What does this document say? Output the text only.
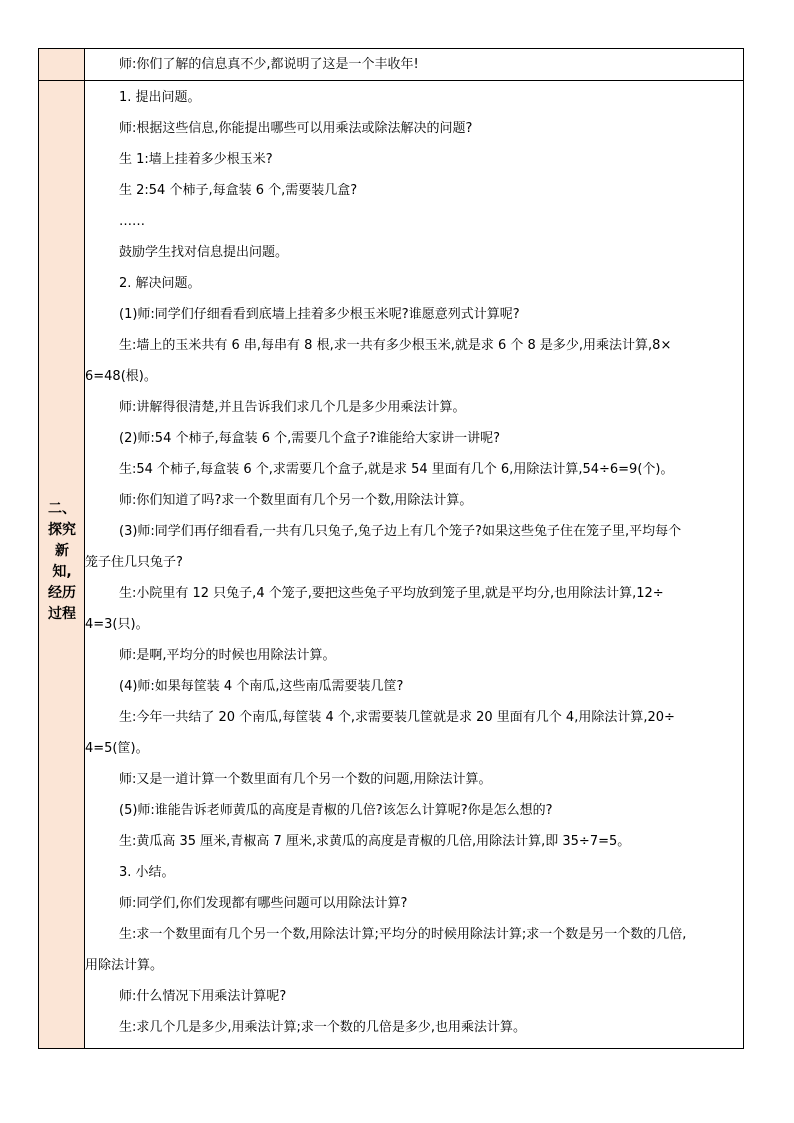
师:你们了解的信息真不少,都说明了这是一个丰收年!
二、
探究
新
知,
经历
过程

1. 提出问题。

师:根据这些信息,你能提出哪些可以用乘法或除法解决的问题?

生 1:墙上挂着多少根玉米?

生 2:54 个柿子,每盒装 6 个,需要装几盒?

……

鼓励学生找对信息提出问题。

2. 解决问题。

(1)师:同学们仔细看看到底墙上挂着多少根玉米呢?谁愿意列式计算呢?

生:墙上的玉米共有 6 串,每串有 8 根,求一共有多少根玉米,就是求 6 个 8 是多少,用乘法计算,8×
6=48(根)。

师:讲解得很清楚,并且告诉我们求几个几是多少用乘法计算。

(2)师:54 个柿子,每盒装 6 个,需要几个盒子?谁能给大家讲一讲呢?

生:54 个柿子,每盒装 6 个,求需要几个盒子,就是求 54 里面有几个 6,用除法计算,54÷6=9(个)。

师:你们知道了吗?求一个数里面有几个另一个数,用除法计算。

(3)师:同学们再仔细看看,一共有几只兔子,兔子边上有几个笼子?如果这些兔子住在笼子里,平均每个
笼子住几只兔子?

生:小院里有 12 只兔子,4 个笼子,要把这些兔子平均放到笼子里,就是平均分,也用除法计算,12÷
4=3(只)。

师:是啊,平均分的时候也用除法计算。

(4)师:如果每筐装 4 个南瓜,这些南瓜需要装几筐?

生:今年一共结了 20 个南瓜,每筐装 4 个,求需要装几筐就是求 20 里面有几个 4,用除法计算,20÷
4=5(筐)。

师:又是一道计算一个数里面有几个另一个数的问题,用除法计算。

(5)师:谁能告诉老师黄瓜的高度是青椒的几倍?该怎么计算呢?你是怎么想的?

生:黄瓜高 35 厘米,青椒高 7 厘米,求黄瓜的高度是青椒的几倍,用除法计算,即 35÷7=5。

3. 小结。

师:同学们,你们发现都有哪些问题可以用除法计算?

生:求一个数里面有几个另一个数,用除法计算;平均分的时候用除法计算;求一个数是另一个数的几倍,
用除法计算。

师:什么情况下用乘法计算呢?

生:求几个几是多少,用乘法计算;求一个数的几倍是多少,也用乘法计算。
